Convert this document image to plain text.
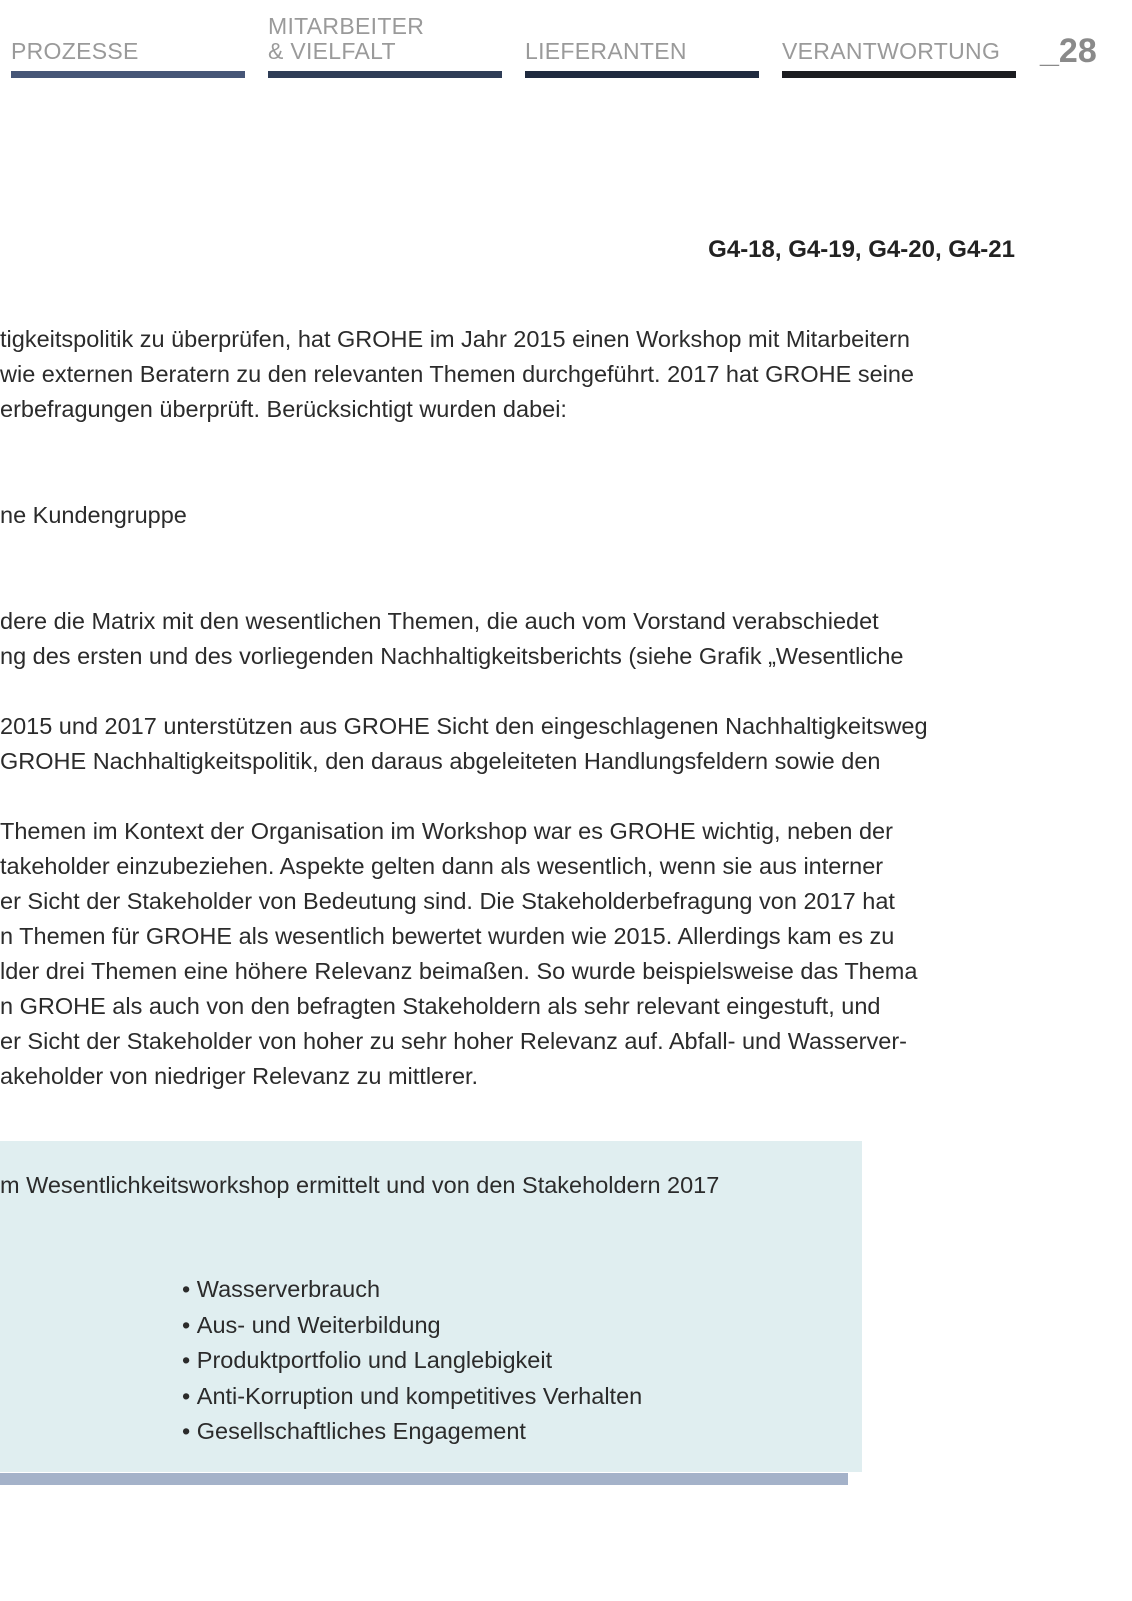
PROZESSE
MITARBEITER
& VIELFALT	LIEFERANTEN	VERANTWORTUNG _28
G4-18, G4-19, G4-20, G4-21
tigkeitspolitik zu überprüfen, hat GROHE im Jahr 2015 einen Workshop mit Mitarbeitern
wie externen Beratern zu den relevanten Themen durchgeführt. 2017 hat GROHE seine
erbefragungen überprüft. Berücksichtigt wurden dabei:
ne Kundengruppe
dere die Matrix mit den wesentlichen Themen, die auch vom Vorstand verabschiedet
ng des ersten und des vorliegenden Nachhaltigkeitsberichts (siehe Grafik „Wesentliche
2015 und 2017 unterstützen aus GROHE Sicht den eingeschlagenen Nachhaltigkeitsweg
GROHE Nachhaltigkeitspolitik, den daraus abgeleiteten Handlungsfeldern sowie den
Themen im Kontext der Organisation im Workshop war es GROHE wichtig, neben der
takeholder einzubeziehen. Aspekte gelten dann als wesentlich, wenn sie aus interner
er Sicht der Stakeholder von Bedeutung sind. Die Stakeholderbefragung von 2017 hat
n Themen für GROHE als wesentlich bewertet wurden wie 2015. Allerdings kam es zu
lder drei Themen eine höhere Relevanz beimaßen. So wurde beispielsweise das Thema
n GROHE als auch von den befragten Stakeholdern als sehr relevant eingestuft, und
er Sicht der Stakeholder von hoher zu sehr hoher Relevanz auf. Abfall- und Wasserver-
akeholder von niedriger Relevanz zu mittlerer.
m Wesentlichkeitsworkshop ermittelt und von den Stakeholdern 2017
• Wasserverbrauch
• Aus- und Weiterbildung
• Produktportfolio und Langlebigkeit
• Anti-Korruption und kompetitives Verhalten
• Gesellschaftliches Engagement
